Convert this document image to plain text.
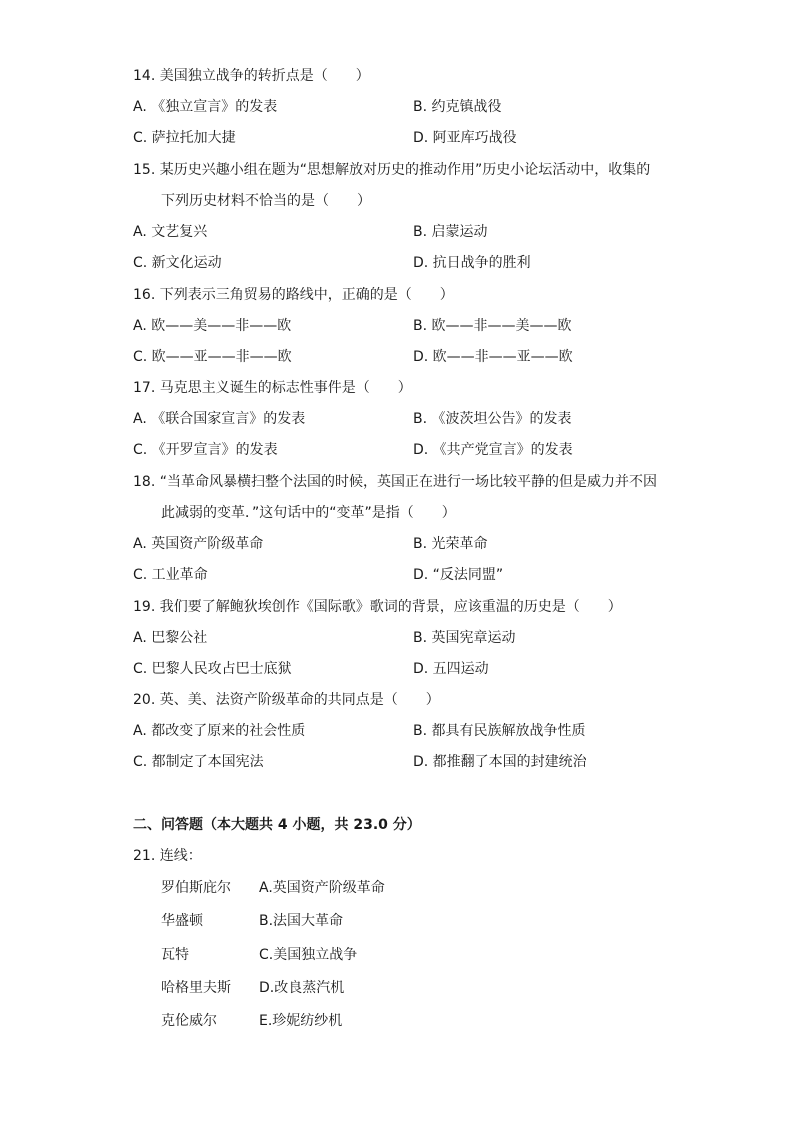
14. 美国独立战争的转折点是（　　）
A. 《独立宣言》的发表	B. 约克镇战役
C. 萨拉托加大捷	D. 阿亚库巧战役
15. 某历史兴趣小组在题为“思想解放对历史的推动作用”历史小论坛活动中，收集的
下列历史材料不恰当的是（　　）
A. 文艺复兴	B. 启蒙运动
C. 新文化运动	D. 抗日战争的胜利
16. 下列表示三角贸易的路线中，正确的是（　　）
A. 欧——美——非——欧	B. 欧——非——美——欧
C. 欧——亚——非——欧	D. 欧——非——亚——欧
17. 马克思主义诞生的标志性事件是（　　）
A. 《联合国家宣言》的发表	B. 《波茨坦公告》的发表
C. 《开罗宣言》的发表	D. 《共产党宣言》的发表
18. “当革命风暴横扫整个法国的时候，英国正在进行一场比较平静的但是威力并不因
此减弱的变革．”这句话中的“变革”是指（　　）
A. 英国资产阶级革命	B. 光荣革命
C. 工业革命	D. “反法同盟”
19. 我们要了解鲍狄埃创作《国际歌》歌词的背景，应该重温的历史是（　　）
A. 巴黎公社	B. 英国宪章运动
C. 巴黎人民攻占巴士底狱	D. 五四运动
20. 英、美、法资产阶级革命的共同点是（　　）
A. 都改变了原来的社会性质	B. 都具有民族解放战争性质
C. 都制定了本国宪法	D. 都推翻了本国的封建统治
二、问答题（本大题共 4 小题，共 23.0 分）
21. 连线：
罗伯斯庇尔 A.英国资产阶级革命
华盛顿	B.法国大革命
瓦特	C.美国独立战争
哈格里夫斯 D.改良蒸汽机
克伦威尔	E.珍妮纺纱机
